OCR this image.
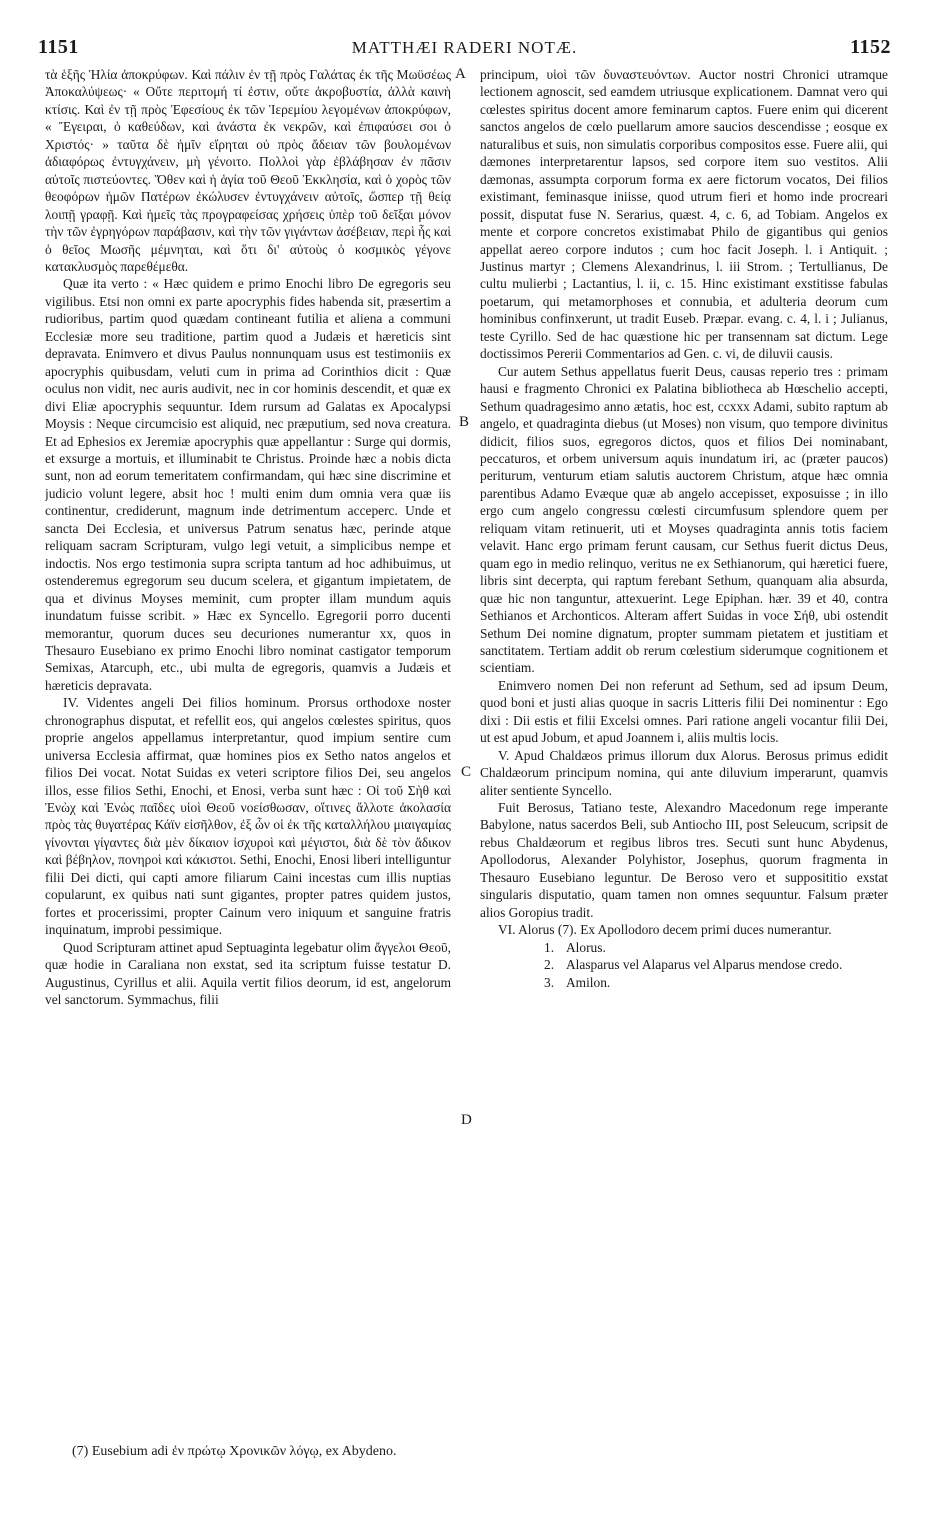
1151	MATTHÆI RADERI NOTÆ.	1152

τὰ ἑξῆς Ἡλία ἀποκρύφων. Καὶ πάλιν ἐν τῇ πρὸς Γαλάτας ἐκ τῆς Μωϋσέως Ἀποκαλύψεως· « Οὔτε περιτομή τί ἐστιν, οὔτε ἀκροβυστία, ἀλλὰ καινὴ κτίσις. Καὶ ἐν τῇ πρὸς Ἐφεσίους ἐκ τῶν Ἱερεμίου λεγομένων ἀποκρύφων, « Ἔγειραι, ὁ καθεύδων, καὶ ἀνάστα ἐκ νεκρῶν, καὶ ἐπιφαύσει σοι ὁ Χριστός· » ταῦτα δὲ ἡμῖν εἴρηται οὐ πρὸς ἄδειαν τῶν βουλομένων ἀδιαφόρως ἐντυγχάνειν, μὴ γένοιτο. Πολλοὶ γὰρ ἐβλάβησαν ἐν πᾶσιν αὐτοῖς πιστεύοντες. Ὅθεν καὶ ἡ ἁγία τοῦ Θεοῦ Ἐκκλησία, καὶ ὁ χορὸς τῶν θεοφόρων ἡμῶν Πατέρων ἐκώλυσεν ἐντυγχάνειν αὐτοῖς, ὥσπερ τῇ θείᾳ λοιπῇ γραφῇ. Καὶ ἡμεῖς τὰς προγραφείσας χρήσεις ὑπὲρ τοῦ δεῖξαι μόνον τὴν τῶν ἐγρηγόρων παράβασιν, καὶ τὴν τῶν γιγάντων ἀσέβειαν, περὶ ἧς καὶ ὁ θεῖος Μωσῆς μέμνηται, καὶ ὅτι δι' αὐτοὺς ὁ κοσμικὸς γέγονε κατακλυσμὸς παρεθέμεθα.

Quæ ita verto : « Hæc quidem e primo Enochi libro De egregoris seu vigilibus. Etsi non omni ex parte apocryphis fides habenda sit, præsertim a rudioribus, partim quod quædam contineant futilia et aliena a communi Ecclesiæ more seu traditione, partim quod a Judæis et hæreticis sint depravata. Enimvero et divus Paulus nonnunquam usus est testimoniis ex apocryphis quibusdam, veluti cum in prima ad Corinthios dicit : Quæ oculus non vidit, nec auris audivit, nec in cor hominis descendit, et quæ ex divi Eliæ apocryphis sequuntur. Idem rursum ad Galatas ex Apocalypsi Moysis : Neque circumcisio est aliquid, nec præputium, sed nova creatura. Et ad Ephesios ex Jeremiæ apocryphis quæ appellantur : Surge qui dormis, et exsurge a mortuis, et illuminabit te Christus. Proinde hæc a nobis dicta sunt, non ad eorum temeritatem confirmandam, qui hæc sine discrimine et judicio volunt legere, absit hoc ! multi enim dum omnia vera quæ iis continentur, crediderunt, magnum inde detrimentum acceperc. Unde et sancta Dei Ecclesia, et universus Patrum senatus hæc, perinde atque reliquam sacram Scripturam, vulgo legi vetuit, a simplicibus nempe et indoctis. Nos ergo testimonia supra scripta tantum ad hoc adhibuimus, ut ostenderemus egregorum seu ducum scelera, et gigantum impietatem, de qua et divinus Moyses meminit, cum propter illam mundum aquis inundatum fuisse scribit. » Hæc ex Syncello. Egregorii porro ducenti memorantur, quorum duces seu decuriones numerantur xx, quos in Thesauro Eusebiano ex primo Enochi libro nominat castigator temporum Semixas, Atarcuph, etc., ubi multa de egregoris, quamvis a Judæis et hæreticis depravata.

IV. Videntes angeli Dei filios hominum. Prorsus orthodoxe noster chronographus disputat, et refellit eos, qui angelos cœlestes spiritus, quos proprie angelos appellamus interpretantur, quod impium sentire cum universa Ecclesia affirmat, quæ homines pios ex Setho natos angelos et filios Dei vocat. Notat Suidas ex veteri scriptore filios Dei, seu angelos illos, esse filios Sethi, Enochi, et Enosi, verba sunt hæc : Οἱ τοῦ Σὴθ καὶ Ἐνὼχ καὶ Ἐνὼς παῖδες υἱοὶ Θεοῦ νοείσθωσαν, οἵτινες ἄλλοτε ἀκολασία πρὸς τὰς θυγατέρας Κάϊν εἰσῆλθον, ἐξ ὧν οἱ ἐκ τῆς καταλλήλου μιαιγαμίας γίνονται γίγαντες διὰ μὲν δίκαιον ἰσχυροὶ καὶ μέγιστοι, διὰ δὲ τὸν ἄδικον καὶ βέβηλον, πονηροὶ καὶ κάκιστοι. Sethi, Enochi, Enosi liberi intelliguntur filii Dei dicti, qui capti amore filiarum Caini incestas cum illis nuptias copularunt, ex quibus nati sunt gigantes, propter patres quidem justos, fortes et procerissimi, propter Cainum vero iniquum et sanguine fratris inquinatum, improbi pessimique.

Quod Scripturam attinet apud Septuaginta legebatur olim ἄγγελοι Θεοῦ, quæ hodie in Caraliana non exstat, sed ita scriptum fuisse testatur D. Augustinus, Cyrillus et alii. Aquila vertit filios deorum, id est, angelorum vel sanctorum. Symmachus, filii

A
B
C
D

principum, υἱοὶ τῶν δυναστευόντων. Auctor nostri Chronici utramque lectionem agnoscit, sed eamdem utriusque explicationem. Damnat vero qui cœlestes spiritus docent amore feminarum captos. Fuere enim qui dicerent sanctos angelos de cœlo puellarum amore saucios descendisse ; eosque ex naturalibus et suis, non simulatis corporibus compositos esse. Fuere alii, qui dæmones interpretarentur lapsos, sed corpore item suo vestitos. Alii dæmonas, assumpta corporum forma ex aere fictorum vocatos, Dei filios existimant, feminasque iniisse, quod utrum fieri et homo inde procreari possit, disputat fuse N. Serarius, quæst. 4, c. 6, ad Tobiam. Angelos ex mente et corpore concretos existimabat Philo de gigantibus qui genios appellat aereo corpore indutos ; cum hoc facit Joseph. l. i Antiquit. ; Justinus martyr ; Clemens Alexandrinus, l. iii Strom. ; Tertullianus, De cultu mulierbi ; Lactantius, l. ii, c. 15. Hinc existimant exstitisse fabulas poetarum, qui metamorphoses et connubia, et adulteria deorum cum hominibus confinxerunt, ut tradit Euseb. Præpar. evang. c. 4, l. i ; Julianus, teste Cyrillo. Sed de hac quæstione hic per transennam sat dictum. Lege doctissimos Pererii Commentarios ad Gen. c. vi, de diluvii causis.

Cur autem Sethus appellatus fuerit Deus, causas reperio tres : primam hausi e fragmento Chronici ex Palatina bibliotheca ab Hœschelio accepti, Sethum quadragesimo anno ætatis, hoc est, ccxxx Adami, subito raptum ab angelo, et quadraginta diebus (ut Moses) non visum, quo tempore divinitus didicit, filios suos, egregoros dictos, quos et filios Dei nominabant, peccaturos, et orbem universum aquis inundatum iri, ac (præter paucos) periturum, venturum etiam salutis auctorem Christum, atque hæc omnia parentibus Adamo Evæque quæ ab angelo accepisset, exposuisse ; in illo ergo cum angelo congressu cœlesti circumfusum splendore quem per reliquam vitam retinuerit, uti et Moyses quadraginta annis totis faciem velavit. Hanc ergo primam ferunt causam, cur Sethus fuerit dictus Deus, quam ego in medio relinquo, veritus ne ex Sethianorum, qui hæretici fuere, libris sint decerpta, qui raptum ferebant Sethum, quanquam alia absurda, quæ hic non tanguntur, attexuerint. Lege Epiphan. hær. 39 et 40, contra Sethianos et Archonticos. Alteram affert Suidas in voce Σήθ, ubi ostendit Sethum Dei nomine dignatum, propter summam pietatem et justitiam et sanctitatem. Tertiam addit ob rerum cœlestium siderumque cognitionem et scientiam.

Enimvero nomen Dei non referunt ad Sethum, sed ad ipsum Deum, quod boni et justi alias quoque in sacris Litteris filii Dei nominentur : Ego dixi : Dii estis et filii Excelsi omnes. Pari ratione angeli vocantur filii Dei, ut est apud Jobum, et apud Joannem i, aliis multis locis.

V. Apud Chaldæos primus illorum dux Alorus. Berosus primus edidit Chaldæorum principum nomina, qui ante diluvium imperarunt, quamvis aliter sentiente Syncello.

Fuit Berosus, Tatiano teste, Alexandro Macedonum rege imperante Babylone, natus sacerdos Beli, sub Antiocho III, post Seleucum, scripsit de rebus Chaldæorum et regibus libros tres. Secuti sunt hunc Abydenus, Apollodorus, Alexander Polyhistor, Josephus, quorum fragmenta in Thesauro Eusebiano leguntur. De Beroso vero et supposititio exstat singularis disputatio, quam tamen non omnes sequuntur. Falsum præter alios Goropius tradit.

VI. Alorus (7). Ex Apollodoro decem primi duces numerantur.

1. Alorus.
2. Alasparus vel Alaparus vel Alparus mendose credo.
3. Amilon.
(7) Eusebium adi ἐν πρώτῳ Χρονικῶν λόγῳ, ex Abydeno.
